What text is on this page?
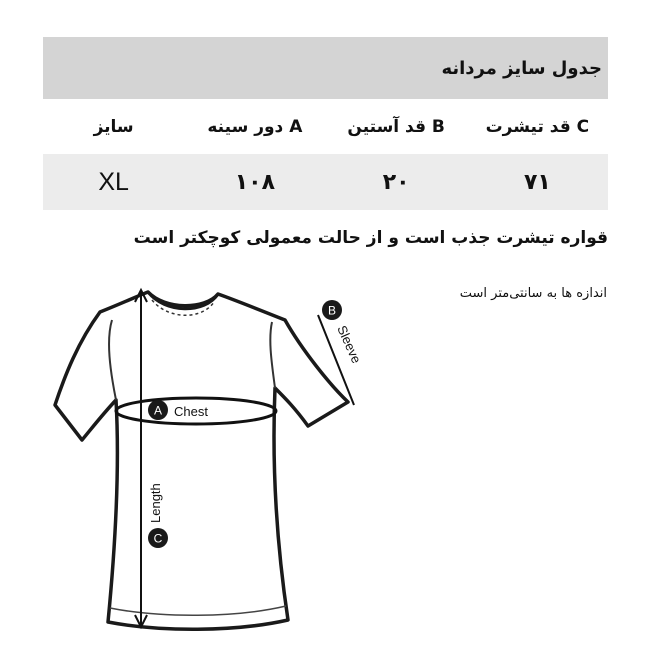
جدول سایز مردانه
C

قد تیشرت
B

قد آستین
A

دور سینه
سایز
۷۱
۲۰
۱۰۸
XL
قواره تیشرت جذب است و از حالت معمولی کوچکتر است
اندازه ها به سانتی‌متر است
A Chest
B
Sleeve
C
Length
